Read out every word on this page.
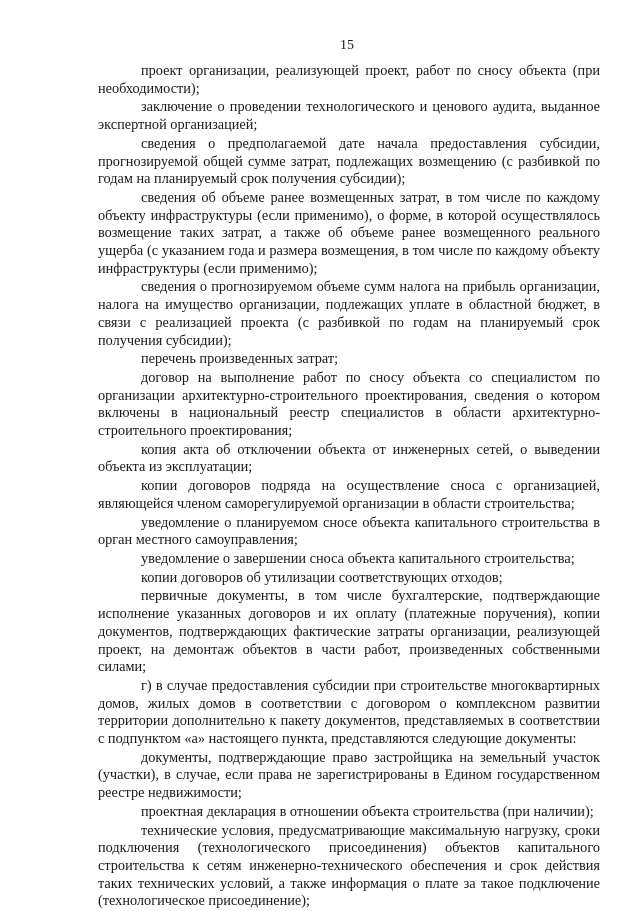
15

проект организации, реализующей проект, работ по сносу объекта (при необходимости);

заключение о проведении технологического и ценового аудита, выданное экспертной организацией;

сведения о предполагаемой дате начала предоставления субсидии, прогнозируемой общей сумме затрат, подлежащих возмещению (с разбивкой по годам на планируемый срок получения субсидии);

сведения об объеме ранее возмещенных затрат, в том числе по каждому объекту инфраструктуры (если применимо), о форме, в которой осуществлялось возмещение таких затрат, а также об объеме ранее возмещенного реального ущерба (с указанием года и размера возмещения, в том числе по каждому объекту инфраструктуры (если применимо);

сведения о прогнозируемом объеме сумм налога на прибыль организации, налога на имущество организации, подлежащих уплате в областной бюджет, в связи с реализацией проекта (с разбивкой по годам на планируемый срок получения субсидии);

перечень произведенных затрат;

договор на выполнение работ по сносу объекта со специалистом по организации архитектурно-строительного проектирования, сведения о котором включены в национальный реестр специалистов в области архитектурно-строительного проектирования;

копия акта об отключении объекта от инженерных сетей, о выведении объекта из эксплуатации;

копии договоров подряда на осуществление сноса с организацией, являющейся членом саморегулируемой организации в области строительства;

уведомление о планируемом сносе объекта капитального строительства в орган местного самоуправления;

уведомление о завершении сноса объекта капитального строительства;

копии договоров об утилизации соответствующих отходов;

первичные документы, в том числе бухгалтерские, подтверждающие исполнение указанных договоров и их оплату (платежные поручения), копии документов, подтверждающих фактические затраты организации, реализующей проект, на демонтаж объектов в части работ, произведенных собственными силами;

г) в случае предоставления субсидии при строительстве многоквартирных домов, жилых домов в соответствии с договором о комплексном развитии территории дополнительно к пакету документов, представляемых в соответствии с подпунктом «а» настоящего пункта, представляются следующие документы:

документы, подтверждающие право застройщика на земельный участок (участки), в случае, если права не зарегистрированы в Едином государственном реестре недвижимости;

проектная декларация в отношении объекта строительства (при наличии);

технические условия, предусматривающие максимальную нагрузку, сроки подключения (технологического присоединения) объектов капитального строительства к сетям инженерно-технического обеспечения и срок действия таких технических условий, а также информация о плате за такое подключение (технологическое присоединение);
